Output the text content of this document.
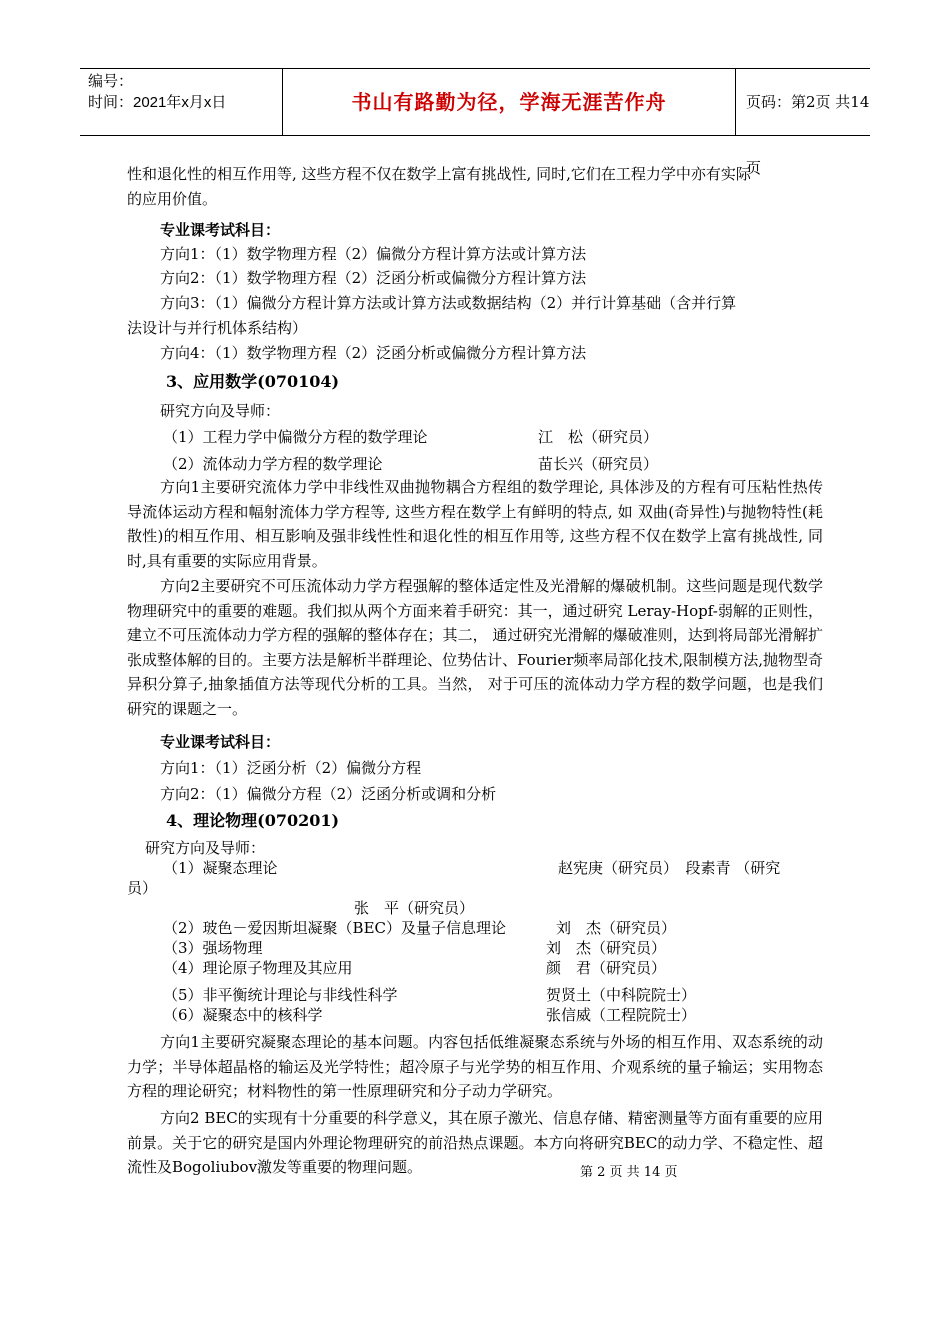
编号：
时间：2021年x月x日	书山有路勤为径，学海无涯苦作舟	页码：第2页 共14页
性和退化性的相互作用等, 这些方程不仅在数学上富有挑战性, 同时,它们在工程力学中亦有实际
的应用价值。
专业课考试科目：
方向1：（1）数学物理方程（2）偏微分方程计算方法或计算方法
方向2：（1）数学物理方程（2）泛函分析或偏微分方程计算方法
方向3：（1）偏微分方程计算方法或计算方法或数据结构（2）并行计算基础（含并行算
法设计与并行机体系结构）
方向4：（1）数学物理方程（2）泛函分析或偏微分方程计算方法
3、应用数学(070104)
研究方向及导师：
（1）工程力学中偏微分方程的数学理论	江　松（研究员）
（2）流体动力学方程的数学理论	苗长兴（研究员）
方向1主要研究流体力学中非线性双曲抛物耦合方程组的数学理论, 具体涉及的方程有可压粘性热传导流体运动方程和幅射流体力学方程等, 这些方程在数学上有鲜明的特点, 如 双曲(奇异性)与抛物特性(耗散性)的相互作用、相互影响及强非线性性和退化性的相互作用等, 这些方程不仅在数学上富有挑战性, 同时,具有重要的实际应用背景。
方向2主要研究不可压流体动力学方程强解的整体适定性及光滑解的爆破机制。这些问题是现代数学物理研究中的重要的难题。我们拟从两个方面来着手研究：其一，通过研究 Leray-Hopf-弱解的正则性，建立不可压流体动力学方程的强解的整体存在；其二， 通过研究光滑解的爆破准则，达到将局部光滑解扩张成整体解的目的。主要方法是解析半群理论、位势估计、Fourier频率局部化技术,限制模方法,抛物型奇异积分算子,抽象插值方法等现代分析的工具。当然， 对于可压的流体动力学方程的数学问题，也是我们研究的课题之一。
专业课考试科目：
方向1：（1）泛函分析（2）偏微分方程
方向2：（1）偏微分方程（2）泛函分析或调和分析
4、理论物理(070201)
研究方向及导师：
（1）凝聚态理论	赵宪庚（研究员）　段素青 （研究
员）
张　平（研究员）
（2）玻色－爱因斯坦凝聚（BEC）及量子信息理论	刘　杰（研究员）
（3）强场物理	刘　杰（研究员）
（4）理论原子物理及其应用	颜　君（研究员）
（5）非平衡统计理论与非线性科学	贺贤土（中科院院士）
（6）凝聚态中的核科学	张信威（工程院院士）
方向1主要研究凝聚态理论的基本问题。内容包括低维凝聚态系统与外场的相互作用、双态系统的动力学；半导体超晶格的输运及光学特性；超冷原子与光学势的相互作用、介观系统的量子输运；实用物态方程的理论研究；材料物性的第一性原理研究和分子动力学研究。
方向2 BEC的实现有十分重要的科学意义，其在原子激光、信息存储、精密测量等方面有重要的应用前景。关于它的研究是国内外理论物理研究的前沿热点课题。本方向将研究BEC的动力学、不稳定性、超流性及Bogoliubov激发等重要的物理问题。	第 2 页 共 14 页
